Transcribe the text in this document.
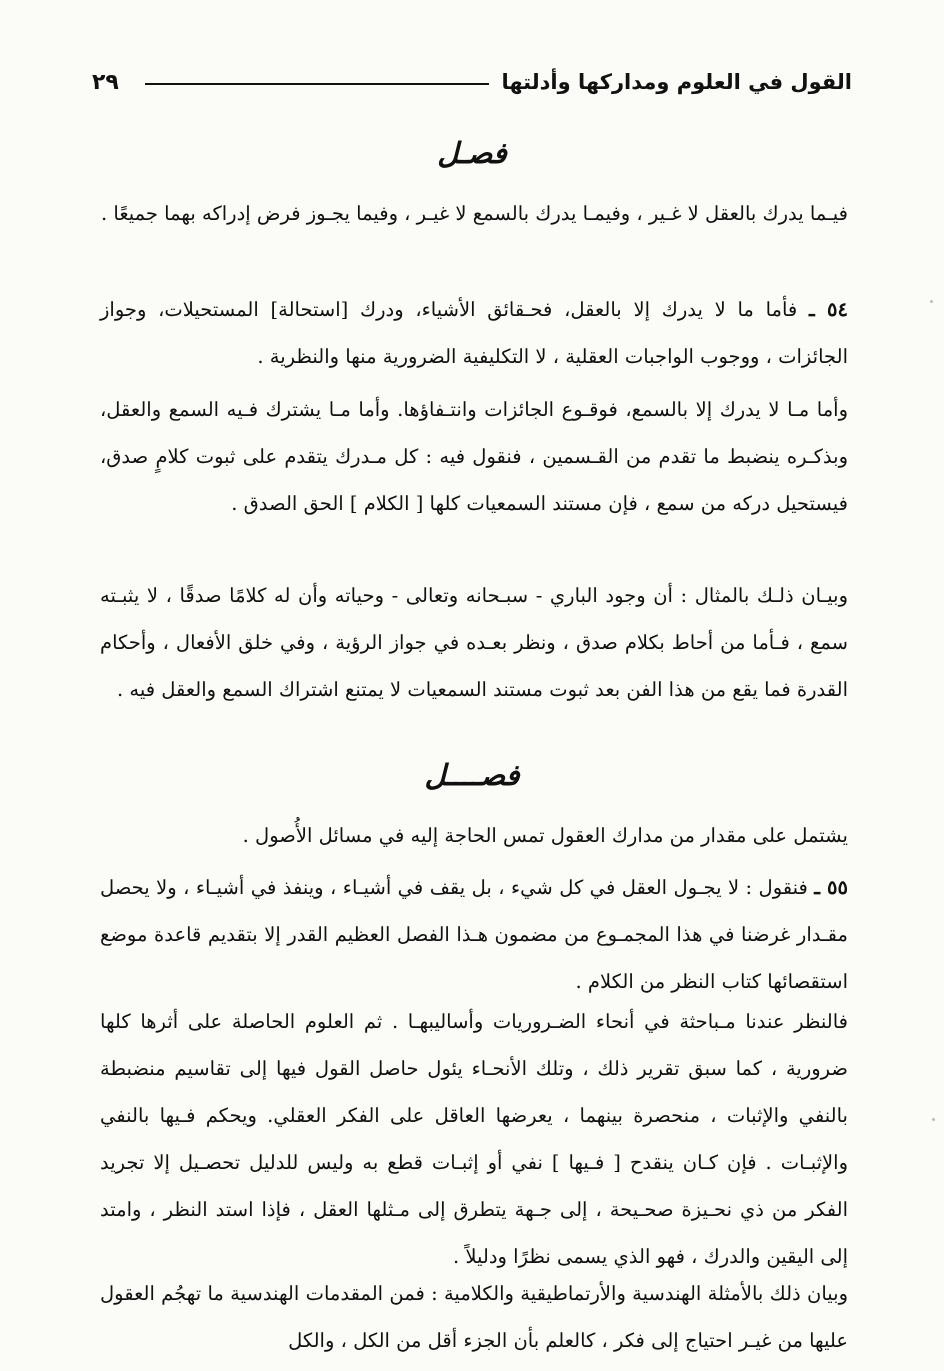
٢٩	القول في العلوم ومداركها وأدلتها
فصـل

فيـما يدرك بالعقل لا غـير ، وفيمـا يدرك بالسمع لا غيـر ، وفيما يجـوز فرض إدراكه بهما جميعًا .

٥٤ ـ فأما ما لا يدرك إلا بالعقل، فحـقائق الأشياء، ودرك [استحالة] المستحيلات، وجواز الجائزات ، ووجوب الواجبات العقلية ، لا التكليفية الضرورية منها والنظرية .

وأما مـا لا يدرك إلا بالسمع، فوقـوع الجائزات وانتـفاؤها. وأما مـا يشترك فـيه السمع والعقل، وبذكـره ينضبط ما تقدم من القـسمين ، فنقول فيه : كل مـدرك يتقدم على ثبوت كلامٍ صدق، فيستحيل دركه من سمع ، فإن مستند السمعيات كلها [ الكلام ] الحق الصدق .

وبيـان ذلـك بالمثال : أن وجود الباري - سبـحانه وتعالى - وحياته وأن له كلامًا صدقًا ، لا يثبـته سمع ، فـأما من أحاط بكلام صدق ، ونظر بعـده في جواز الرؤية ، وفي خلق الأفعال ، وأحكام القدرة فما يقع من هذا الفن بعد ثبوت مستند السمعيات لا يمتنع اشتراك السمع والعقل فيه .

فصــــل

يشتمل على مقدار من مدارك العقول تمس الحاجة إليه في مسائل الأُصول .

٥٥ ـ فنقول : لا يجـول العقل في كل شيء ، بل يقف في أشيـاء ، وينفذ في أشيـاء ، ولا يحصل مقـدار غرضنا في هذا المجمـوع من مضمون هـذا الفصل العظيم القدر إلا بتقديم قاعدة موضع استقصائها كتاب النظر من الكلام .

فالنظر عندنا مـباحثة في أنحاء الضـروريات وأساليبهـا . ثم العلوم الحاصلة على أثرها كلها ضرورية ، كما سبق تقرير ذلك ، وتلك الأنحـاء يئول حاصل القول فيها إلى تقاسيم منضبطة بالنفي والإثبات ، منحصرة بينهما ، يعرضها العاقل على الفكر العقلي. ويحكم فـيها بالنفي والإثبـات . فإن كـان ينقدح [ فـيها ] نفي أو إثبـات قطع به وليس للدليل تحصـيل إلا تجريد الفكر من ذي نحـيزة صحـيحة ، إلى جـهة يتطرق إلى مـثلها العقل ، فإذا استد النظر ، وامتد إلى اليقين والدرك ، فهو الذي يسمى نظرًا ودليلاً .

وبيان ذلك بالأمثلة الهندسية والأرتماطيقية والكلامية : فمن المقدمات الهندسية ما تهجُم العقول عليها من غيـر احتياج إلى فكر ، كالعلم بأن الجزء أقل من الكل ، والكل
